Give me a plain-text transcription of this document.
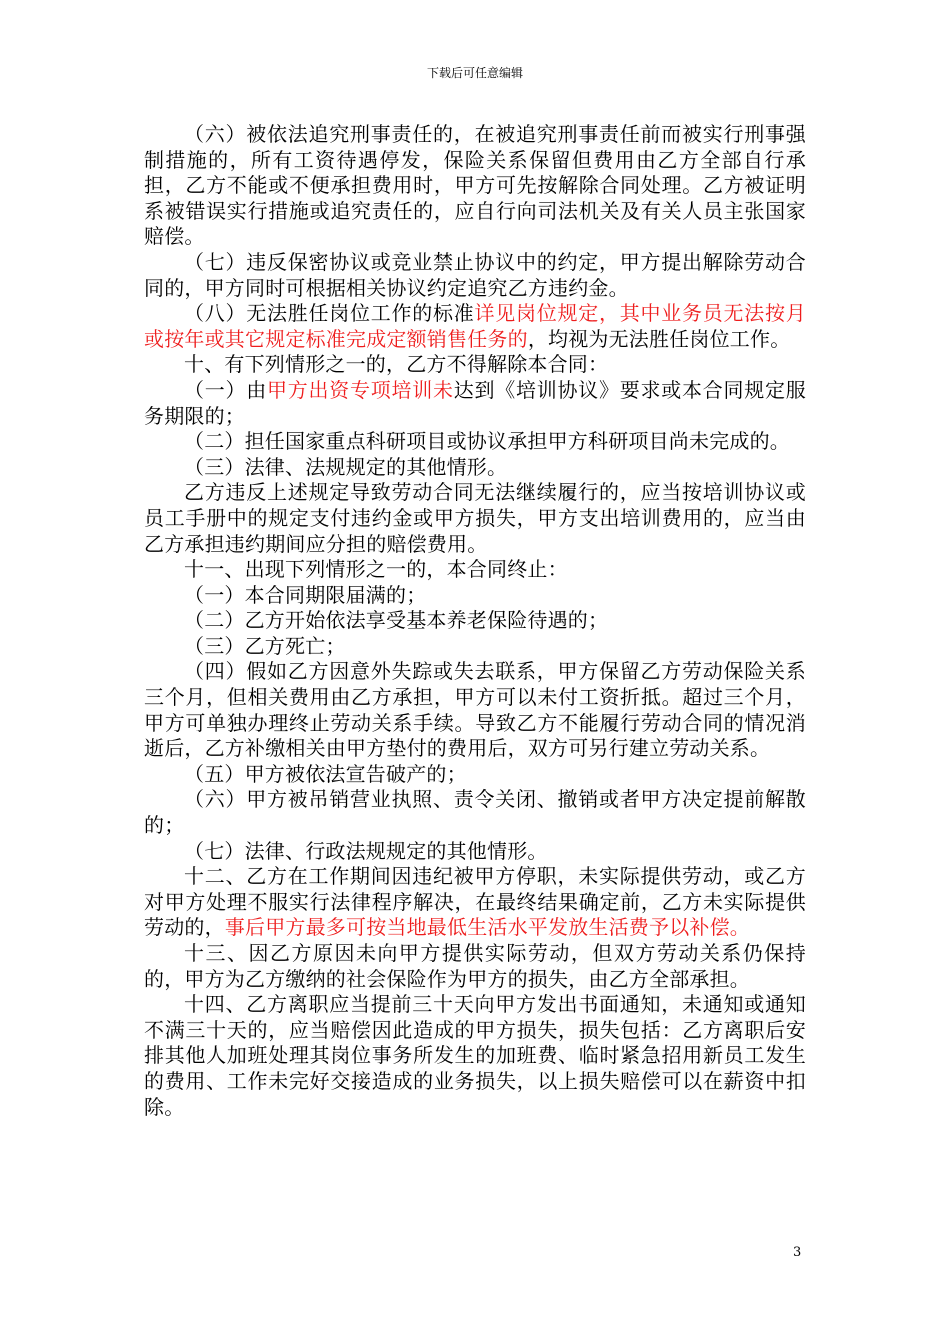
下载后可任意编辑

（六）被依法追究刑事责任的，在被追究刑事责任前而被实行刑事强制措施的，所有工资待遇停发，保险关系保留但费用由乙方全部自行承担，乙方不能或不便承担费用时，甲方可先按解除合同处理。乙方被证明系被错误实行措施或追究责任的，应自行向司法机关及有关人员主张国家赔偿。

（七）违反保密协议或竞业禁止协议中的约定，甲方提出解除劳动合同的，甲方同时可根据相关协议约定追究乙方违约金。

（八）无法胜任岗位工作的标准详见岗位规定，其中业务员无法按月或按年或其它规定标准完成定额销售任务的，均视为无法胜任岗位工作。

十、有下列情形之一的，乙方不得解除本合同：

（一）由甲方出资专项培训未达到《培训协议》要求或本合同规定服务期限的；

（二）担任国家重点科研项目或协议承担甲方科研项目尚未完成的。

（三）法律、法规规定的其他情形。

乙方违反上述规定导致劳动合同无法继续履行的，应当按培训协议或员工手册中的规定支付违约金或甲方损失，甲方支出培训费用的，应当由乙方承担违约期间应分担的赔偿费用。

十一、出现下列情形之一的，本合同终止：

（一）本合同期限届满的；

（二）乙方开始依法享受基本养老保险待遇的；

（三）乙方死亡；

（四）假如乙方因意外失踪或失去联系，甲方保留乙方劳动保险关系三个月，但相关费用由乙方承担，甲方可以未付工资折抵。超过三个月，甲方可单独办理终止劳动关系手续。导致乙方不能履行劳动合同的情况消逝后，乙方补缴相关由甲方垫付的费用后，双方可另行建立劳动关系。

（五）甲方被依法宣告破产的；

（六）甲方被吊销营业执照、责令关闭、撤销或者甲方决定提前解散的；

（七）法律、行政法规规定的其他情形。

十二、乙方在工作期间因违纪被甲方停职，未实际提供劳动，或乙方对甲方处理不服实行法律程序解决，在最终结果确定前，乙方未实际提供劳动的，事后甲方最多可按当地最低生活水平发放生活费予以补偿。

十三、因乙方原因未向甲方提供实际劳动，但双方劳动关系仍保持的，甲方为乙方缴纳的社会保险作为甲方的损失，由乙方全部承担。

十四、乙方离职应当提前三十天向甲方发出书面通知，未通知或通知不满三十天的，应当赔偿因此造成的甲方损失，损失包括：乙方离职后安排其他人加班处理其岗位事务所发生的加班费、临时紧急招用新员工发生的费用、工作未完好交接造成的业务损失，以上损失赔偿可以在薪资中扣除。

3
